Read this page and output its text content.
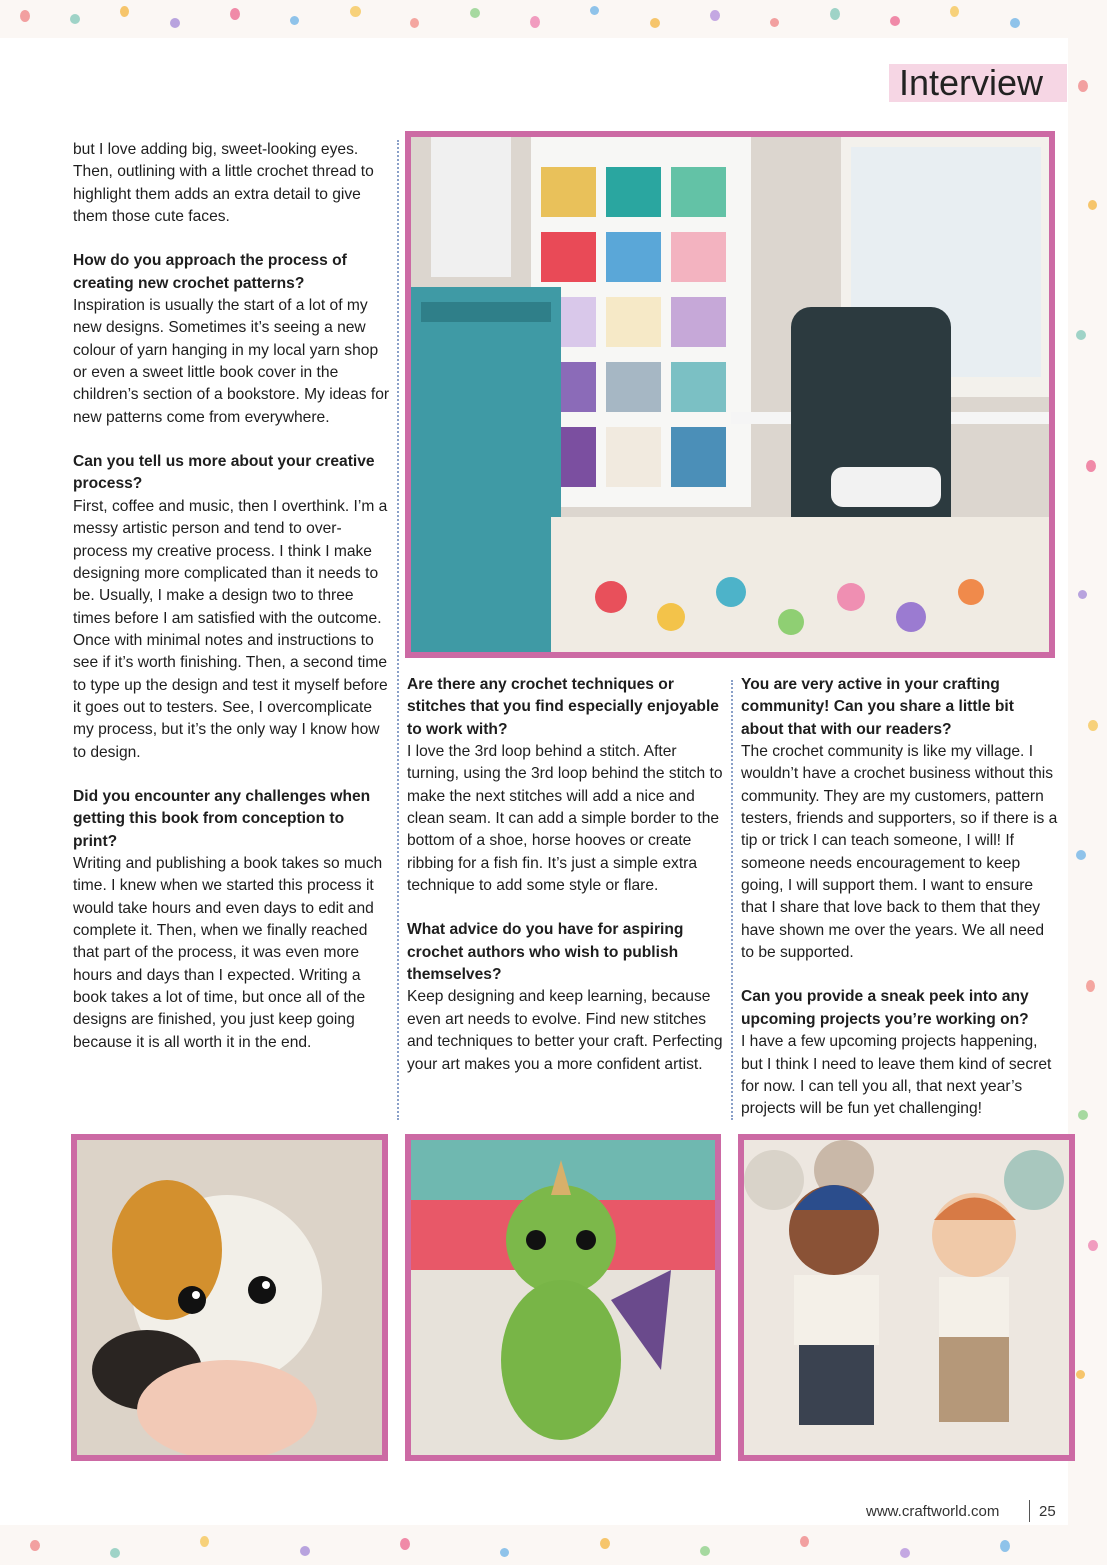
Interview

but I love adding big, sweet-looking eyes. Then, outlining with a little crochet thread to highlight them adds an extra detail to give them those cute faces.

How do you approach the process of creating new crochet patterns?
Inspiration is usually the start of a lot of my new designs. Sometimes it’s seeing a new colour of yarn hanging in my local yarn shop or even a sweet little book cover in the children’s section of a bookstore. My ideas for new patterns come from everywhere.

Can you tell us more about your creative process?
First, coffee and music, then I overthink. I’m a messy artistic person and tend to over-process my creative process. I think I make designing more complicated than it needs to be. Usually, I make a design two to three times before I am satisfied with the outcome. Once with minimal notes and instructions to see if it’s worth finishing. Then, a second time to type up the design and test it myself before it goes out to testers. See, I overcomplicate my process, but it’s the only way I know how to design.

Did you encounter any challenges when getting this book from conception to print?
Writing and publishing a book takes so much time. I knew when we started this process it would take hours and even days to edit and complete it. Then, when we finally reached that part of the process, it was even more hours and days than I expected. Writing a book takes a lot of time, but once all of the designs are finished, you just keep going because it is all worth it in the end.

Are there any crochet techniques or stitches that you find especially enjoyable to work with?
I love the 3rd loop behind a stitch. After turning, using the 3rd loop behind the stitch to make the next stitches will add a nice and clean seam. It can add a simple border to the bottom of a shoe, horse hooves or create ribbing for a fish fin. It’s just a simple extra technique to add some style or flare.

What advice do you have for aspiring crochet authors who wish to publish themselves?
Keep designing and keep learning, because even art needs to evolve. Find new stitches and techniques to better your craft. Perfecting your art makes you a more confident artist.

You are very active in your crafting community! Can you share a little bit about that with our readers?
The crochet community is like my village. I wouldn’t have a crochet business without this community. They are my customers, pattern testers, friends and supporters, so if there is a tip or trick I can teach someone, I will! If someone needs encouragement to keep going, I will support them. I want to ensure that I share that love back to them that they have shown me over the years. We all need to be supported.

Can you provide a sneak peek into any upcoming projects you’re working on?
I have a few upcoming projects happening, but I think I need to leave them kind of secret for now. I can tell you all, that next year’s projects will be fun yet challenging!

www.craftworld.com	25
